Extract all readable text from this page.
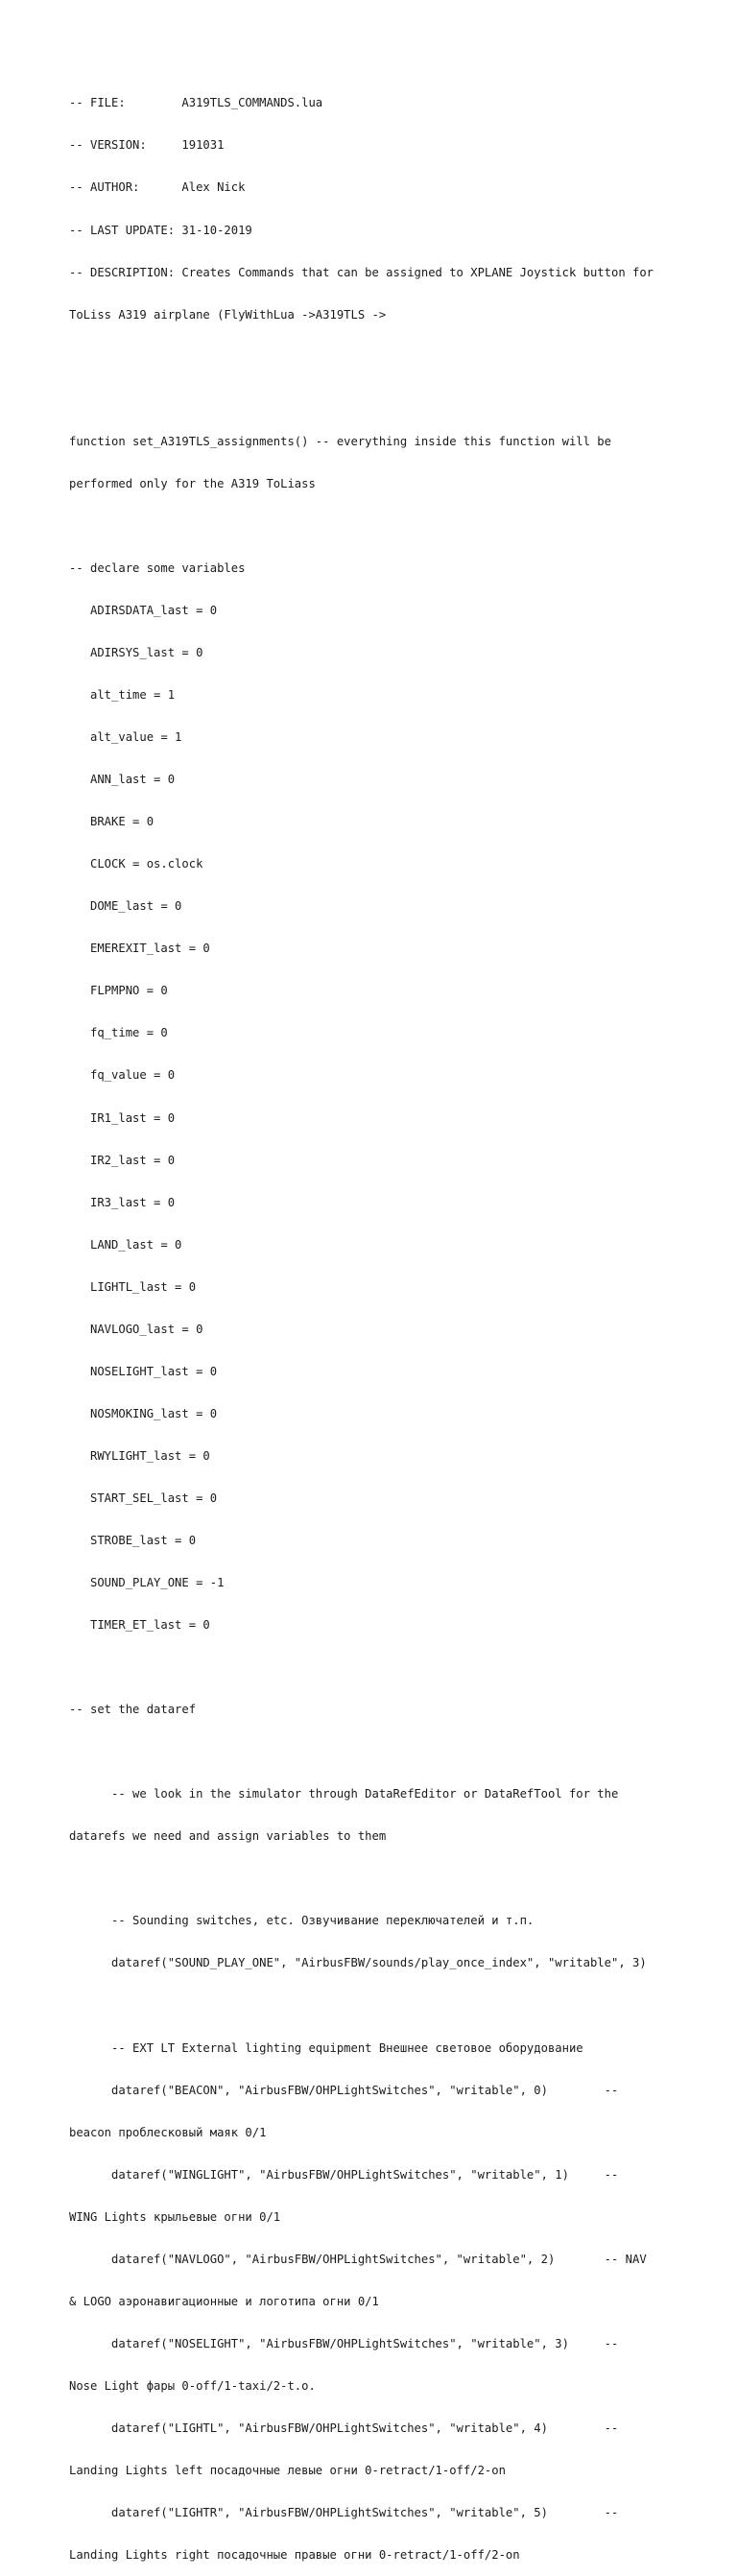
-- FILE:        A319TLS_COMMANDS.lua

-- VERSION:     191031

-- AUTHOR:      Alex Nick

-- LAST UPDATE: 31-10-2019

-- DESCRIPTION: Creates Commands that can be assigned to XPLANE Joystick button for

ToLiss A319 airplane (FlyWithLua ->A319TLS ->

function set_A319TLS_assignments() -- everything inside this function will be

performed only for the A319 ToLiass

-- declare some variables

ADIRSDATA_last = 0

ADIRSYS_last = 0

alt_time = 1

alt_value = 1

ANN_last = 0

BRAKE = 0

CLOCK = os.clock

DOME_last = 0

EMEREXIT_last = 0

FLPMPNO = 0

fq_time = 0

fq_value = 0

IR1_last = 0

IR2_last = 0

IR3_last = 0

LAND_last = 0

LIGHTL_last = 0

NAVLOGO_last = 0

NOSELIGHT_last = 0

NOSMOKING_last = 0

RWYLIGHT_last = 0

START_SEL_last = 0

STROBE_last = 0

SOUND_PLAY_ONE = -1

TIMER_ET_last = 0

-- set the dataref

-- we look in the simulator through DataRefEditor or DataRefTool for the

datarefs we need and assign variables to them

-- Sounding switches, etc. Озвучивание переключателей и т.п.

dataref("SOUND_PLAY_ONE", "AirbusFBW/sounds/play_once_index", "writable", 3)

-- EXT LT External lighting equipment Внешнее световое оборудование

dataref("BEACON", "AirbusFBW/OHPLightSwitches", "writable", 0)        --

beacon проблесковый маяк 0/1

dataref("WINGLIGHT", "AirbusFBW/OHPLightSwitches", "writable", 1)     --

WING Lights крыльевые огни 0/1

dataref("NAVLOGO", "AirbusFBW/OHPLightSwitches", "writable", 2)       -- NAV

& LOGO аэронавигационные и логотипа огни 0/1

dataref("NOSELIGHT", "AirbusFBW/OHPLightSwitches", "writable", 3)     --

Nose Light фары 0-off/1-taxi/2-t.o.

dataref("LIGHTL", "AirbusFBW/OHPLightSwitches", "writable", 4)        --

Landing Lights left посадочные левые огни 0-retract/1-off/2-on

dataref("LIGHTR", "AirbusFBW/OHPLightSwitches", "writable", 5)        --

Landing Lights right посадочные правые огни 0-retract/1-off/2-on
